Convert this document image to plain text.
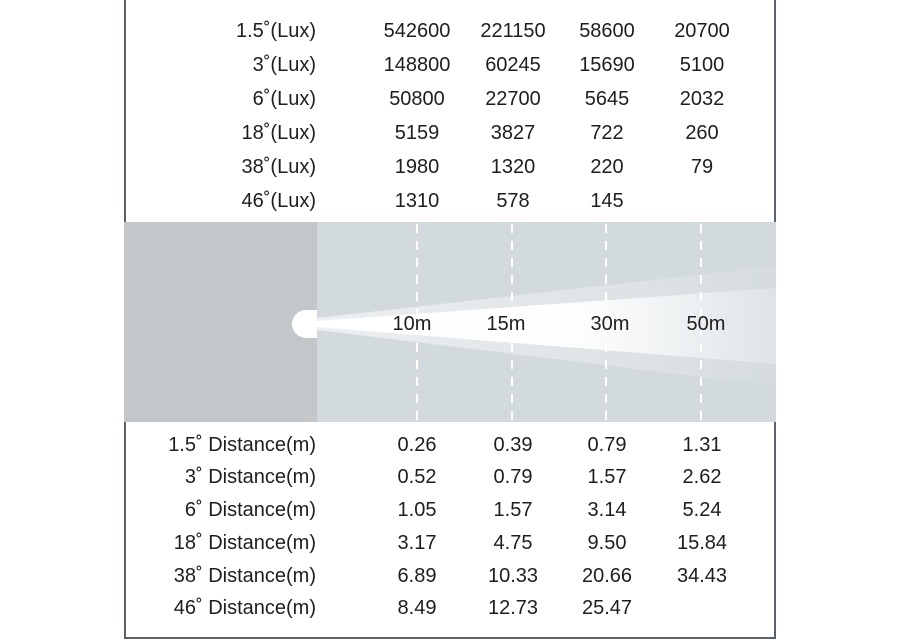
1.5˚(Lux)	542600	221150	58600	20700
3˚(Lux)	148800	60245	15690	5100
6˚(Lux)	50800	22700	5645	2032
18˚(Lux)	5159	3827	722	260
38˚(Lux)	1980	1320	220	79
46˚(Lux)	1310	578	145
10m	15m	30m	50m
1.5˚ Distance(m)	0.26	0.39	0.79	1.31
3˚ Distance(m)	0.52	0.79	1.57	2.62
6˚ Distance(m)	1.05	1.57	3.14	5.24
18˚ Distance(m)	3.17	4.75	9.50	15.84
38˚ Distance(m)	6.89	10.33	20.66	34.43
46˚ Distance(m)	8.49	12.73	25.47
